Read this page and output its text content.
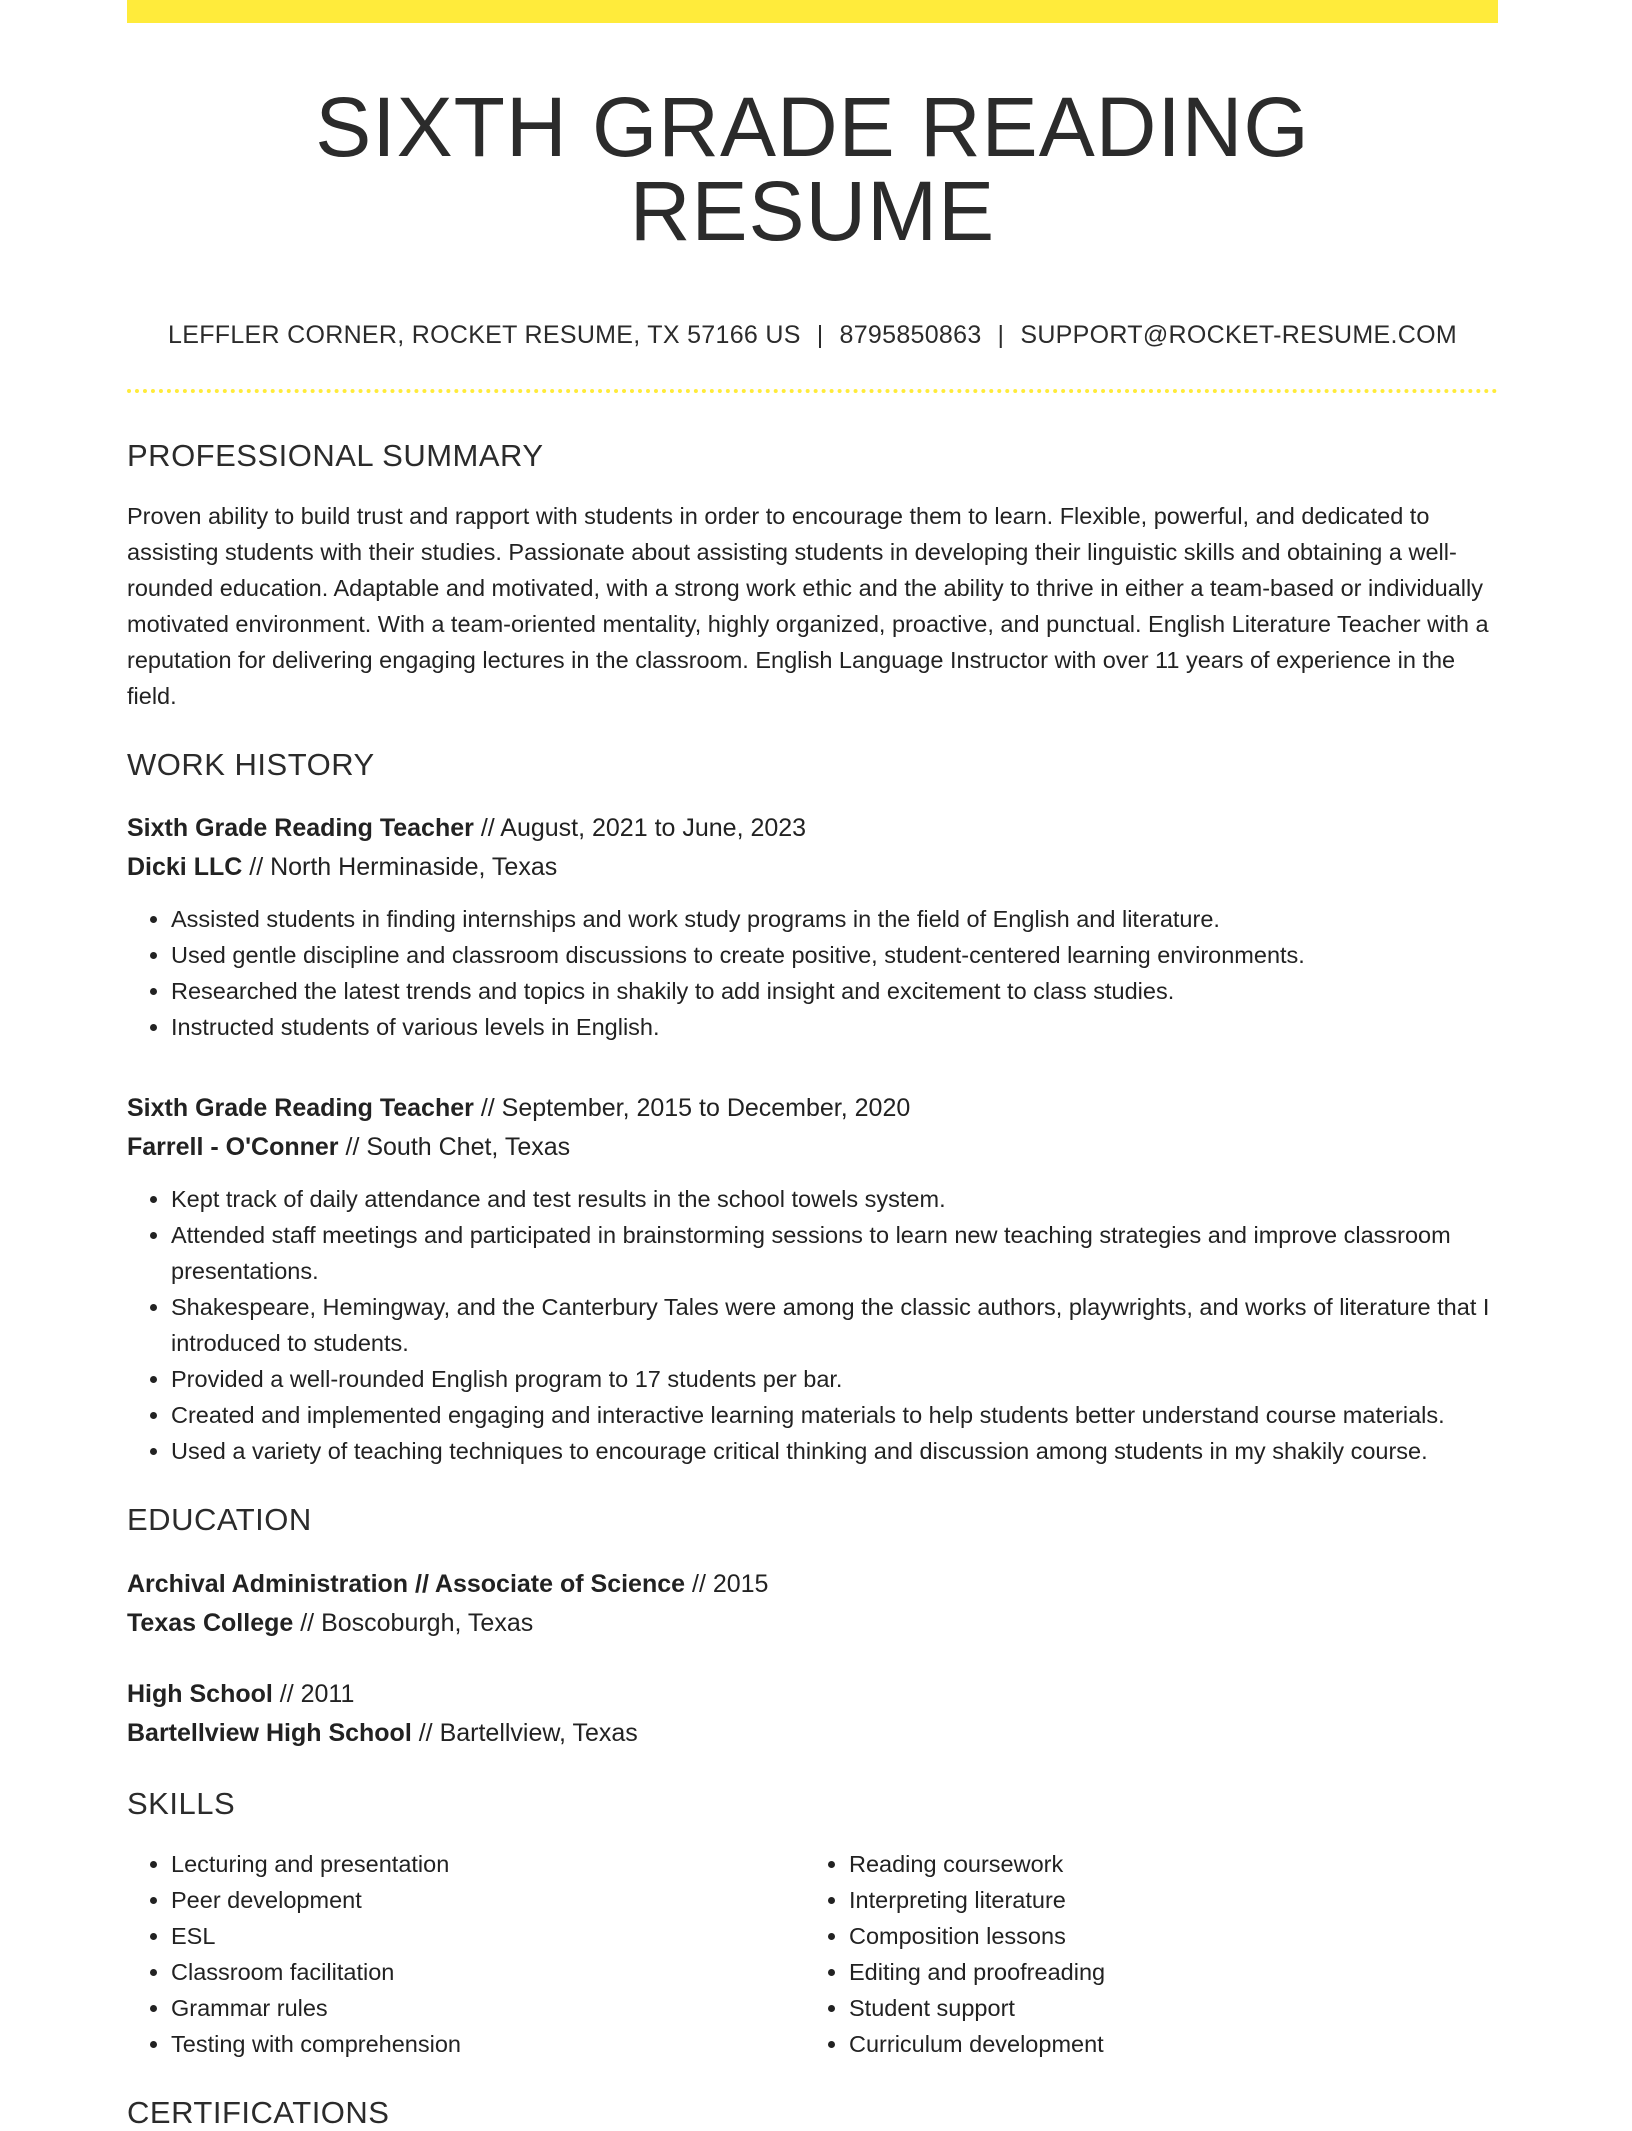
SIXTH GRADE READING RESUME
LEFFLER CORNER, ROCKET RESUME, TX 57166 US | 8795850863 | SUPPORT@ROCKET-RESUME.COM
PROFESSIONAL SUMMARY

Proven ability to build trust and rapport with students in order to encourage them to learn. Flexible, powerful, and dedicated to assisting students with their studies. Passionate about assisting students in developing their linguistic skills and obtaining a well-rounded education. Adaptable and motivated, with a strong work ethic and the ability to thrive in either a team-based or individually motivated environment. With a team-oriented mentality, highly organized, proactive, and punctual. English Literature Teacher with a reputation for delivering engaging lectures in the classroom. English Language Instructor with over 11 years of experience in the field.

WORK HISTORY
Sixth Grade Reading Teacher // August, 2021 to June, 2023
Dicki LLC // North Herminaside, Texas
• Assisted students in finding internships and work study programs in the field of English and literature.
• Used gentle discipline and classroom discussions to create positive, student-centered learning environments.
• Researched the latest trends and topics in shakily to add insight and excitement to class studies.
• Instructed students of various levels in English.
Sixth Grade Reading Teacher // September, 2015 to December, 2020
Farrell - O'Conner // South Chet, Texas
• Kept track of daily attendance and test results in the school towels system.
• Attended staff meetings and participated in brainstorming sessions to learn new teaching strategies and improve classroom presentations.
• Shakespeare, Hemingway, and the Canterbury Tales were among the classic authors, playwrights, and works of literature that I introduced to students.
• Provided a well-rounded English program to 17 students per bar.
• Created and implemented engaging and interactive learning materials to help students better understand course materials.
• Used a variety of teaching techniques to encourage critical thinking and discussion among students in my shakily course.
EDUCATION
Archival Administration // Associate of Science // 2015
Texas College // Boscoburgh, Texas
High School // 2011
Bartellview High School // Bartellview, Texas
SKILLS
• Lecturing and presentation
• Peer development
• ESL
• Classroom facilitation
• Grammar rules
• Testing with comprehension
• Reading coursework
• Interpreting literature
• Composition lessons
• Editing and proofreading
• Student support
• Curriculum development
CERTIFICATIONS
